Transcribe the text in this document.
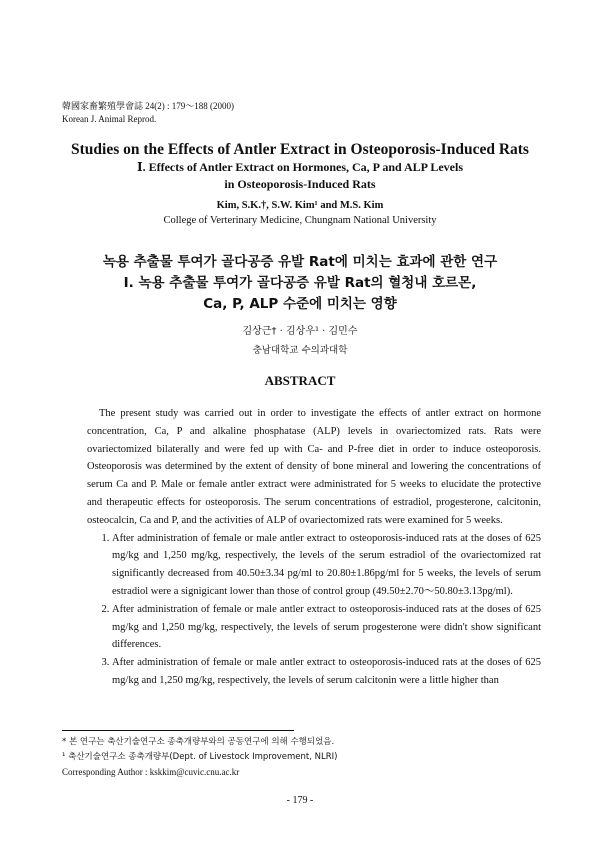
韓國家畜繁殖學會誌 24(2) : 179～188 (2000)
Korean J. Animal Reprod.
Studies on the Effects of Antler Extract in Osteoporosis-Induced Rats
Ⅰ. Effects of Antler Extract on Hormones, Ca, P and ALP Levels
in Osteoporosis-Induced Rats
Kim, S.K.†, S.W. Kim¹ and M.S. Kim
College of Verterinary Medicine, Chungnam National University
녹용 추출물 투여가 골다공증 유발 Rat에 미치는 효과에 관한 연구
Ⅰ. 녹용 추출물 투여가 골다공증 유발 Rat의 혈청내 호르몬,
Ca, P, ALP 수준에 미치는 영향
김상근† · 김상우¹ · 김민수
충남대학교 수의과대학
ABSTRACT

The present study was carried out in order to investigate the effects of antler extract on hormone concentration, Ca, P and alkaline phosphatase (ALP) levels in ovariectomized rats. Rats were ovariectomized bilaterally and were fed up with Ca- and P-free diet in order to induce osteoporosis. Osteoporosis was determined by the extent of density of bone mineral and lowering the concentrations of serum Ca and P. Male or female antler extract were administrated for 5 weeks to elucidate the protective and therapeutic effects for osteoporosis. The serum concentrations of estradiol, progesterone, calcitonin, osteocalcin, Ca and P, and the activities of ALP of ovariectomized rats were examined for 5 weeks.

1. After administration of female or male antler extract to osteoporosis-induced rats at the doses of 625 mg/kg and 1,250 mg/kg, respectively, the levels of the serum estradiol of the ovariectomized rat significantly decreased from 40.50±3.34 pg/ml to 20.80±1.86pg/ml for 5 weeks, the levels of serum estradiol were a signigicant lower than those of control group (49.50±2.70～50.80±3.13pg/ml).
2. After administration of female or male antler extract to osteoporosis-induced rats at the doses of 625 mg/kg and 1,250 mg/kg, respectively, the levels of serum progesterone were didn't show significant differences.
3. After administration of female or male antler extract to osteoporosis-induced rats at the doses of 625 mg/kg and 1,250 mg/kg, respectively, the levels of serum calcitonin were a little higher than
* 본 연구는 축산기술연구소 종축개량부와의 공동연구에 의해 수행되었음.
¹ 축산기술연구소 종축개량부(Dept. of Livestock Improvement, NLRI)
Corresponding Author : kskkim@cuvic.cnu.ac.kr
- 179 -
